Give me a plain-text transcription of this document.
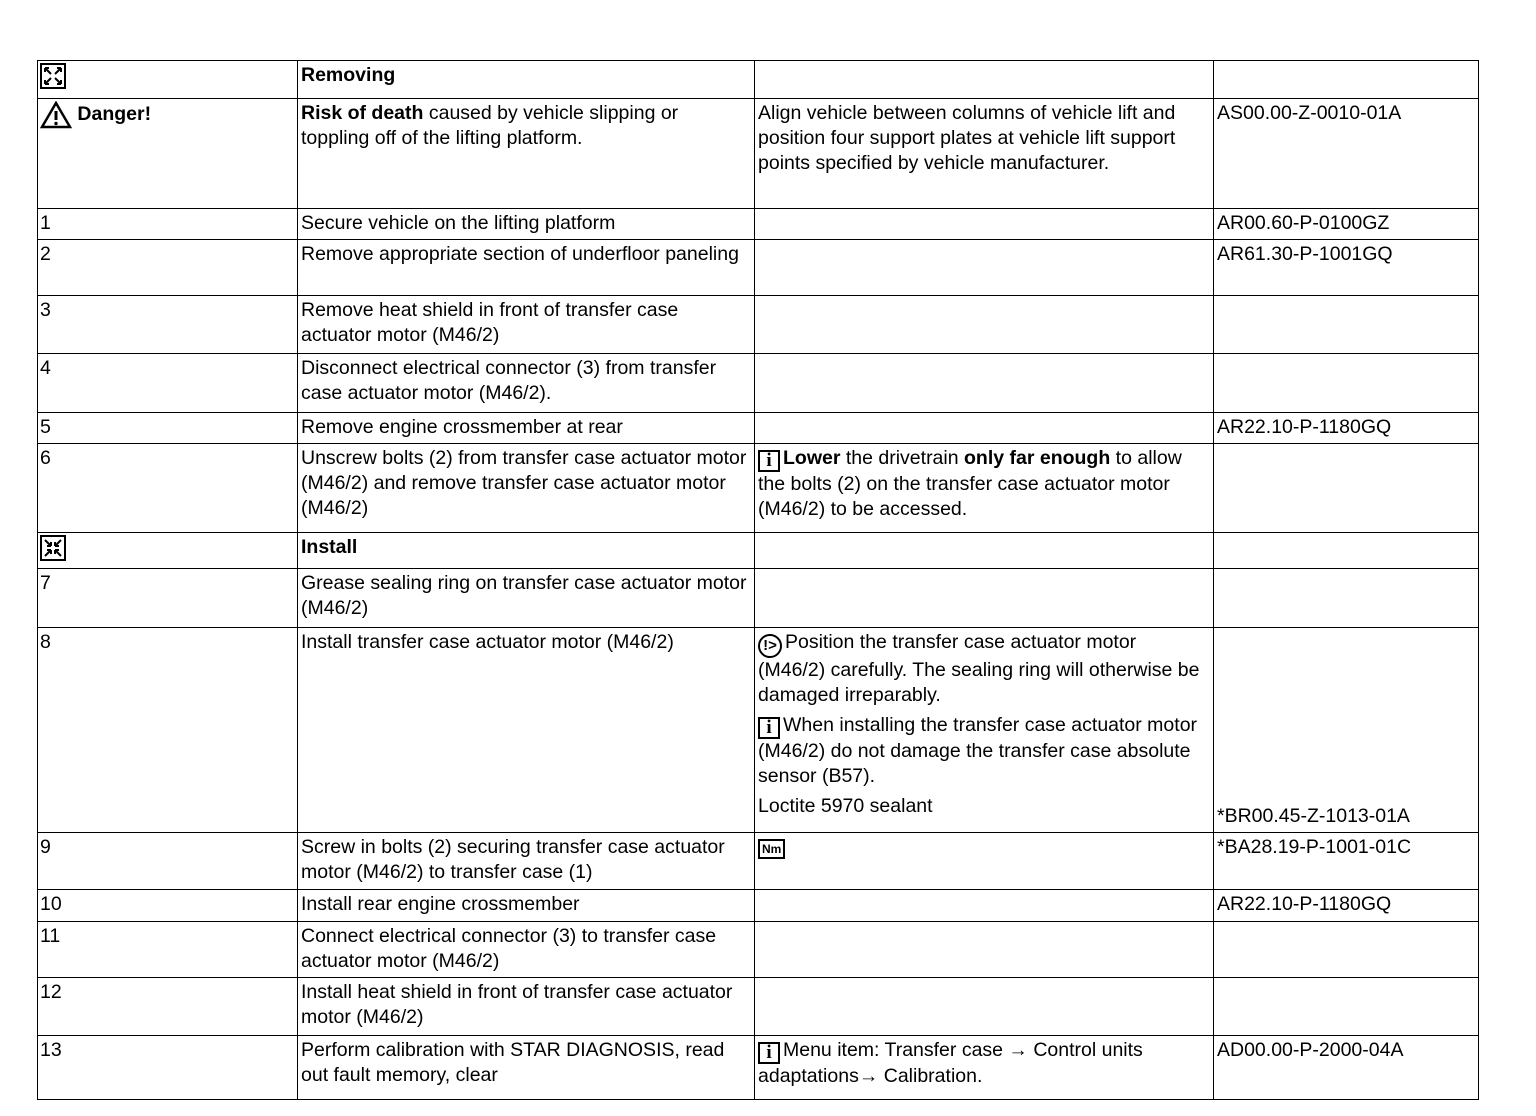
	Removing		
Danger!	Risk of death caused by vehicle slipping or toppling off of the lifting platform.	Align vehicle between columns of vehicle lift and position four support plates at vehicle lift support points specified by vehicle manufacturer.	AS00.00-Z-0010-01A
1	Secure vehicle on the lifting platform		AR00.60-P-0100GZ
2	Remove appropriate section of underfloor paneling		AR61.30-P-1001GQ
3	Remove heat shield in front of transfer case actuator motor (M46/2)		
4	Disconnect electrical connector (3) from transfer case actuator motor (M46/2).		
5	Remove engine crossmember at rear		AR22.10-P-1180GQ
6	Unscrew bolts (2) from transfer case actuator motor (M46/2) and remove transfer case actuator motor (M46/2)	i Lower the drivetrain only far enough to allow the bolts (2) on the transfer case actuator motor (M46/2) to be accessed.	
	Install		
7	Grease sealing ring on transfer case actuator motor (M46/2)		
8	Install transfer case actuator motor (M46/2)	!> Position the transfer case actuator motor (M46/2) carefully. The sealing ring will otherwise be damaged irreparably.
i When installing the transfer case actuator motor (M46/2) do not damage the transfer case absolute sensor (B57).
Loctite 5970 sealant	*BR00.45-Z-1013-01A
9	Screw in bolts (2) securing transfer case actuator motor (M46/2) to transfer case (1)	Nm	*BA28.19-P-1001-01C
10	Install rear engine crossmember		AR22.10-P-1180GQ
11	Connect electrical connector (3) to transfer case actuator motor (M46/2)		
12	Install heat shield in front of transfer case actuator motor (M46/2)		
13	Perform calibration with STAR DIAGNOSIS, read out fault memory, clear	i Menu item: Transfer case → Control units adaptations→ Calibration.	AD00.00-P-2000-04A
